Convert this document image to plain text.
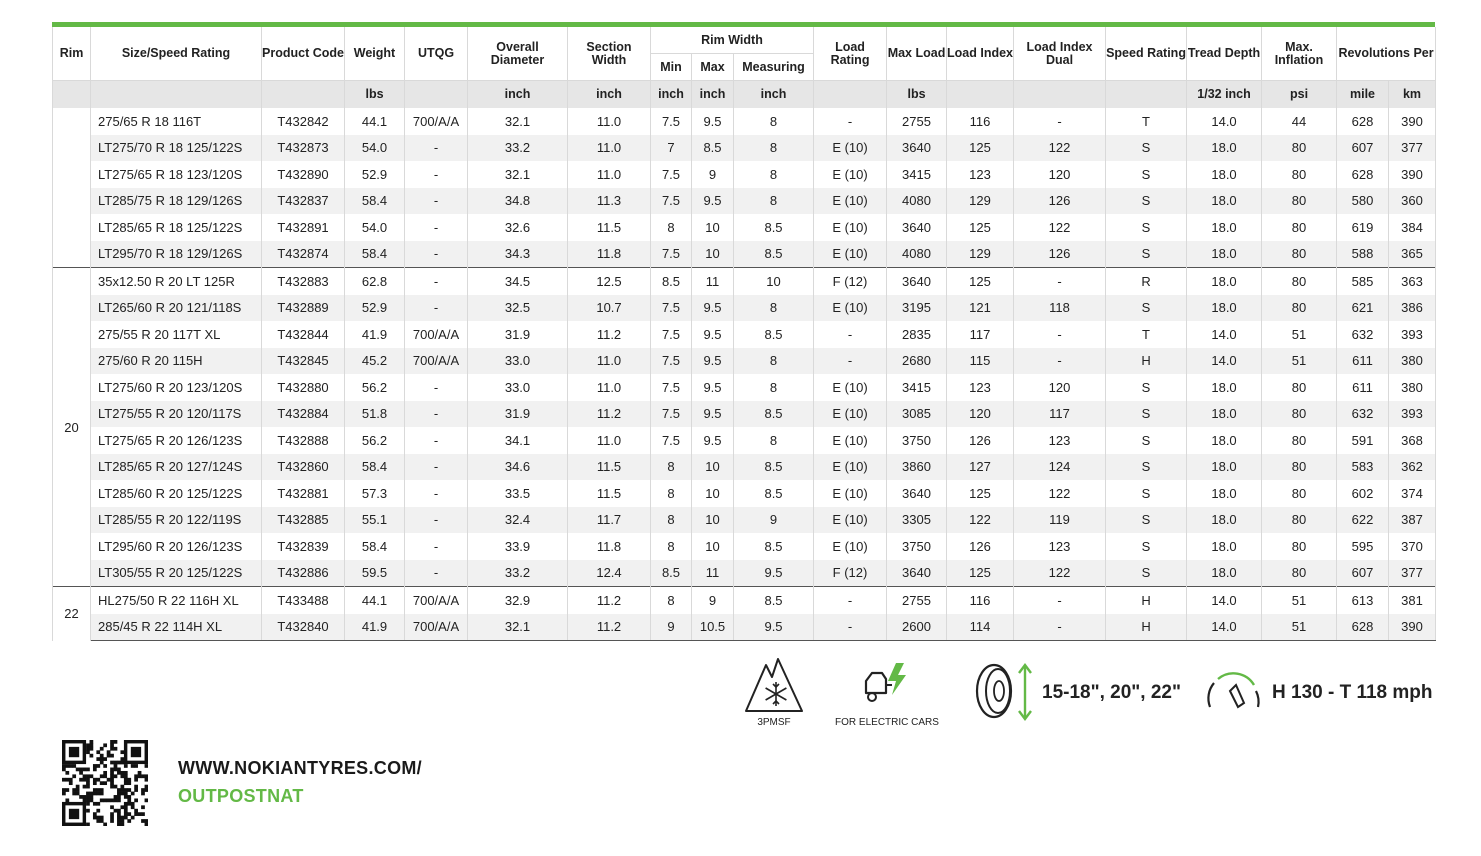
Rim	Size/Speed Rating	Product Code	Weight	UTQG	Overall Diameter	Section Width	Rim Width			Load Rating	Max Load	Load Index	Load Index Dual	Speed Rating	Tread Depth	Max. Inflation	Revolutions Per	
							Min	Max	Measuring									
			lbs		inch	inch	inch	inch	inch		lbs				1/32 inch	psi	mile	km
	275/65 R 18 116T	T432842	44.1	700/A/A	32.1	11.0	7.5	9.5	8	-	2755	116	-	T	14.0	44	628	390
	LT275/70 R 18 125/122S	T432873	54.0	-	33.2	11.0	7	8.5	8	E (10)	3640	125	122	S	18.0	80	607	377
	LT275/65 R 18 123/120S	T432890	52.9	-	32.1	11.0	7.5	9	8	E (10)	3415	123	120	S	18.0	80	628	390
	LT285/75 R 18 129/126S	T432837	58.4	-	34.8	11.3	7.5	9.5	8	E (10)	4080	129	126	S	18.0	80	580	360
	LT285/65 R 18 125/122S	T432891	54.0	-	32.6	11.5	8	10	8.5	E (10)	3640	125	122	S	18.0	80	619	384
	LT295/70 R 18 129/126S	T432874	58.4	-	34.3	11.8	7.5	10	8.5	E (10)	4080	129	126	S	18.0	80	588	365
20	35x12.50 R 20 LT 125R	T432883	62.8	-	34.5	12.5	8.5	11	10	F (12)	3640	125	-	R	18.0	80	585	363
	LT265/60 R 20 121/118S	T432889	52.9	-	32.5	10.7	7.5	9.5	8	E (10)	3195	121	118	S	18.0	80	621	386
	275/55 R 20 117T XL	T432844	41.9	700/A/A	31.9	11.2	7.5	9.5	8.5	-	2835	117	-	T	14.0	51	632	393
	275/60 R 20 115H	T432845	45.2	700/A/A	33.0	11.0	7.5	9.5	8	-	2680	115	-	H	14.0	51	611	380
	LT275/60 R 20 123/120S	T432880	56.2	-	33.0	11.0	7.5	9.5	8	E (10)	3415	123	120	S	18.0	80	611	380
	LT275/55 R 20 120/117S	T432884	51.8	-	31.9	11.2	7.5	9.5	8.5	E (10)	3085	120	117	S	18.0	80	632	393
	LT275/65 R 20 126/123S	T432888	56.2	-	34.1	11.0	7.5	9.5	8	E (10)	3750	126	123	S	18.0	80	591	368
	LT285/65 R 20 127/124S	T432860	58.4	-	34.6	11.5	8	10	8.5	E (10)	3860	127	124	S	18.0	80	583	362
	LT285/60 R 20 125/122S	T432881	57.3	-	33.5	11.5	8	10	8.5	E (10)	3640	125	122	S	18.0	80	602	374
	LT285/55 R 20 122/119S	T432885	55.1	-	32.4	11.7	8	10	9	E (10)	3305	122	119	S	18.0	80	622	387
	LT295/60 R 20 126/123S	T432839	58.4	-	33.9	11.8	8	10	8.5	E (10)	3750	126	123	S	18.0	80	595	370
	LT305/55 R 20 125/122S	T432886	59.5	-	33.2	12.4	8.5	11	9.5	F (12)	3640	125	122	S	18.0	80	607	377
22	HL275/50 R 22 116H XL	T433488	44.1	700/A/A	32.9	11.2	8	9	8.5	-	2755	116	-	H	14.0	51	613	381
	285/45 R 22 114H XL	T432840	41.9	700/A/A	32.1	11.2	9	10.5	9.5	-	2600	114	-	H	14.0	51	628	390
3PMSF	FOR ELECTRIC CARS
15-18", 20", 22"	H 130 - T 118 mph
WWW.NOKIANTYRES.COM/
OUTPOSTNAT
